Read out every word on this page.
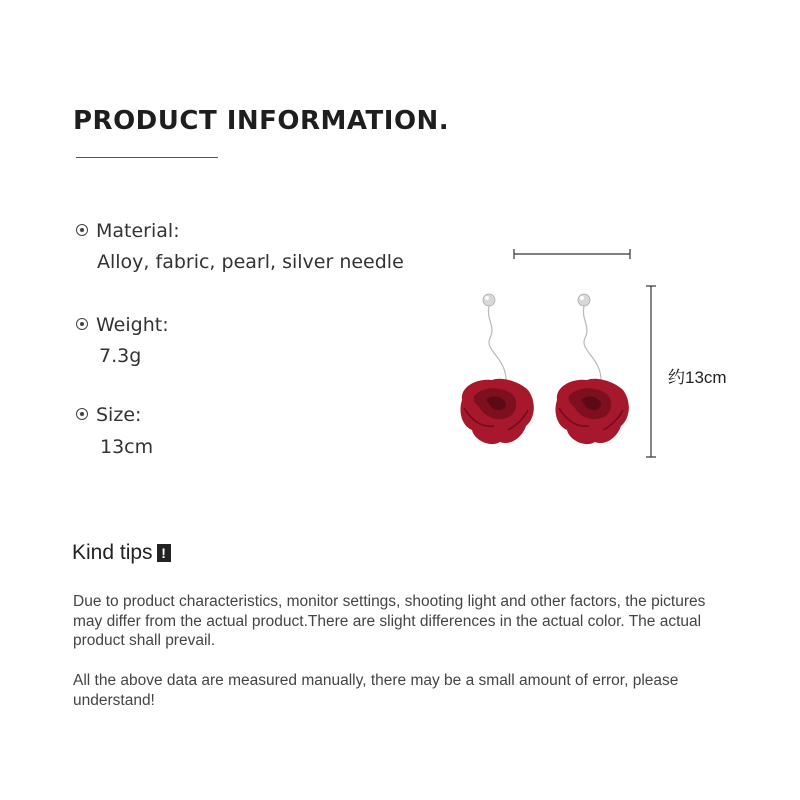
PRODUCT INFORMATION.
Material:
Alloy, fabric, pearl, silver needle
Weight:
7.3g
Size:
13cm
约13cm
Kind tips !
Due to product characteristics, monitor settings, shooting light and other factors, the pictures may differ from the actual product.There are slight differences in the actual color. The actual product shall prevail.
All the above data are measured manually, there may be a small amount of error, please understand!
